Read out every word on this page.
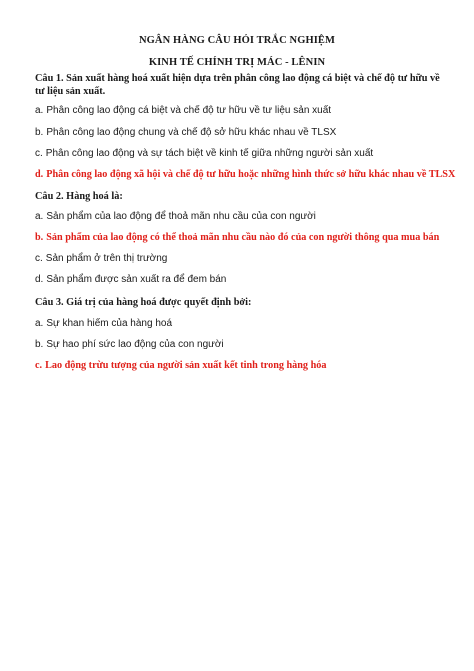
NGÂN HÀNG CÂU HỎI TRẮC NGHIỆM
KINH TẾ CHÍNH TRỊ MÁC - LÊNIN
Câu 1. Sản xuất hàng hoá xuất hiện dựa trên phân công lao động cá biệt và chế độ tư hữu về tư liệu sản xuất.
a. Phân công lao động cá biệt và chế độ tư hữu về tư liệu sản xuất
b. Phân công lao động chung và chế độ sở hữu khác nhau về TLSX
c. Phân công lao động và sự tách biệt về kinh tế giữa những người sản xuất
d. Phân công lao động xã hội và chế độ tư hữu hoặc những hình thức sở hữu khác nhau về TLSX
Câu 2. Hàng hoá là:
a. Sản phẩm của lao động để thoả mãn nhu cầu của con người
b. Sản phẩm của lao động có thể thoả mãn nhu cầu nào đó của con người thông qua mua bán
c. Sản phẩm ở trên thị trường
d. Sản phẩm được sản xuất ra để đem bán
Câu 3. Giá trị của hàng hoá được quyết định bởi:
a. Sự khan hiếm của hàng hoá
b. Sự hao phí sức lao động của con người
c. Lao động trừu tượng của người sản xuất kết tinh trong hàng hóa
